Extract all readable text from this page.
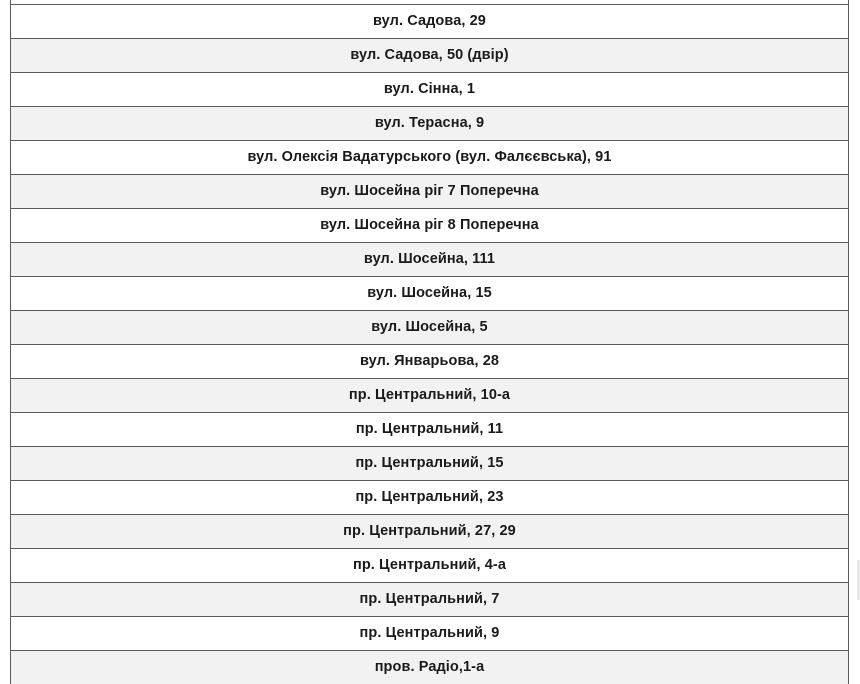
вул. Садова, 29
вул. Садова, 50 (двір)
вул. Сінна, 1
вул. Терасна, 9
вул. Олексія Вадатурського (вул. Фалєєвська), 91
вул. Шосейна ріг 7 Поперечна
вул. Шосейна ріг 8 Поперечна
вул. Шосейна, 111
вул. Шосейна, 15
вул. Шосейна, 5
вул. Январьова, 28
пр. Центральний, 10-а
пр. Центральний, 11
пр. Центральний, 15
пр. Центральний, 23
пр. Центральний, 27, 29
пр. Центральний, 4-а
пр. Центральний, 7
пр. Центральний, 9
пров. Радіо,1-а
